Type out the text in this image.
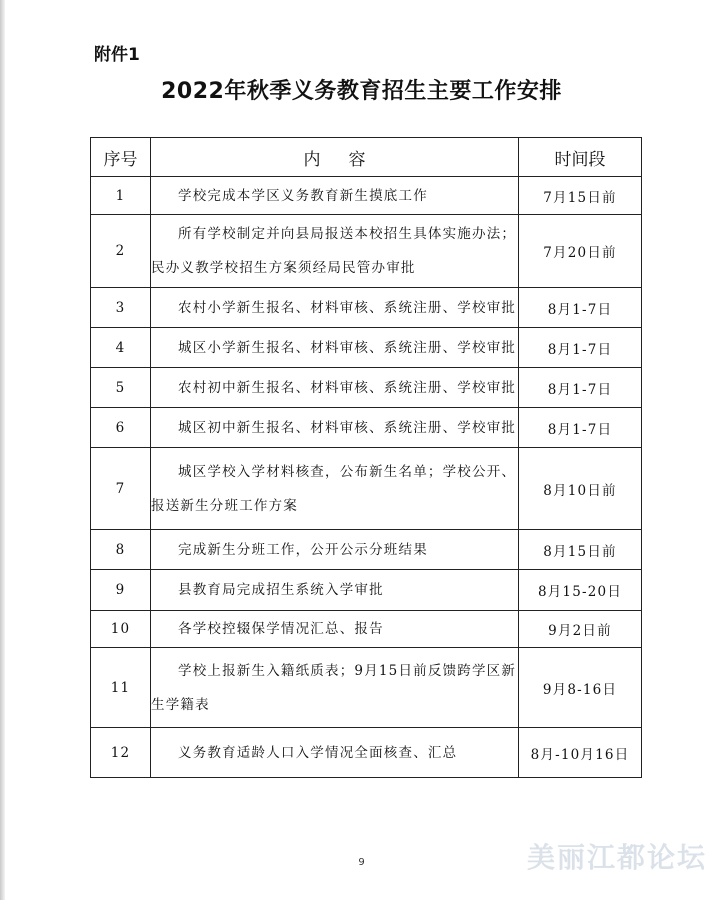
附件1
2022年秋季义务教育招生主要工作安排
序号	内容	时间段
1	学校完成本学区义务教育新生摸底工作	7月15日前
2	所有学校制定并向县局报送本校招生具体实施办法；民办义教学校招生方案须经局民管办审批	7月20日前
3	农村小学新生报名、材料审核、系统注册、学校审批	8月1-7日
4	城区小学新生报名、材料审核、系统注册、学校审批	8月1-7日
5	农村初中新生报名、材料审核、系统注册、学校审批	8月1-7日
6	城区初中新生报名、材料审核、系统注册、学校审批	8月1-7日
7	城区学校入学材料核查，公布新生名单；学校公开、报送新生分班工作方案	8月10日前
8	完成新生分班工作，公开公示分班结果	8月15日前
9	县教育局完成招生系统入学审批	8月15-20日
10	各学校控辍保学情况汇总、报告	9月2日前
11	学校上报新生入籍纸质表；9月15日前反馈跨学区新生学籍表	9月8-16日
12	义务教育适龄人口入学情况全面核查、汇总	8月-10月16日
9	美丽江都论坛
